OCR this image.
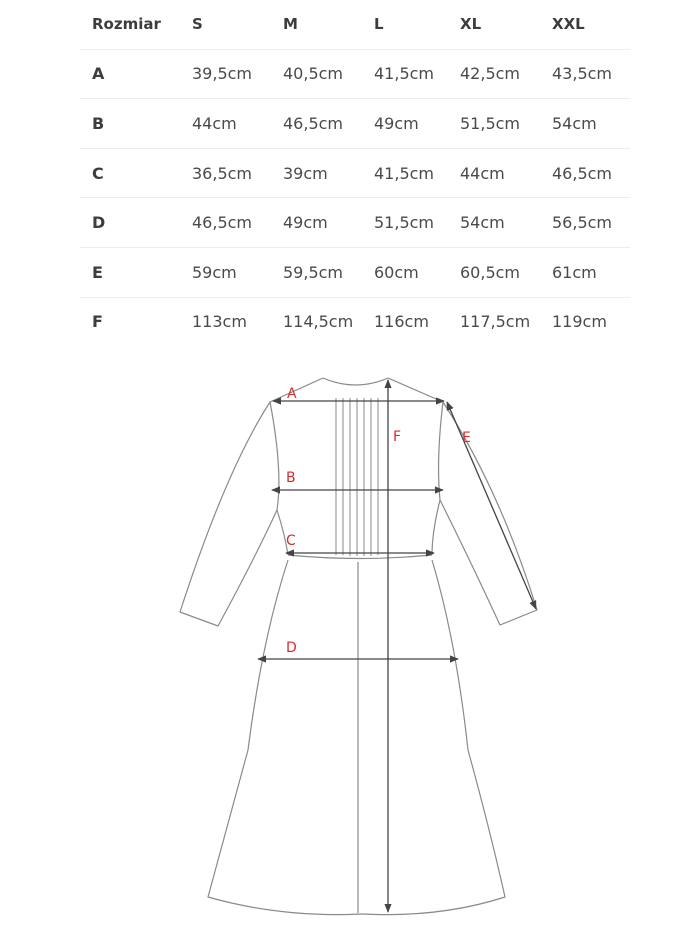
Rozmiar	S	M	L	XL	XXL
A	39,5cm	40,5cm	41,5cm	42,5cm	43,5cm
B	44cm	46,5cm	49cm	51,5cm	54cm
C	36,5cm	39cm	41,5cm	44cm	46,5cm
D	46,5cm	49cm	51,5cm	54cm	56,5cm
E	59cm	59,5cm	60cm	60,5cm	61cm
F	113cm	114,5cm	116cm	117,5cm	119cm
A
B
C
D
E
F
